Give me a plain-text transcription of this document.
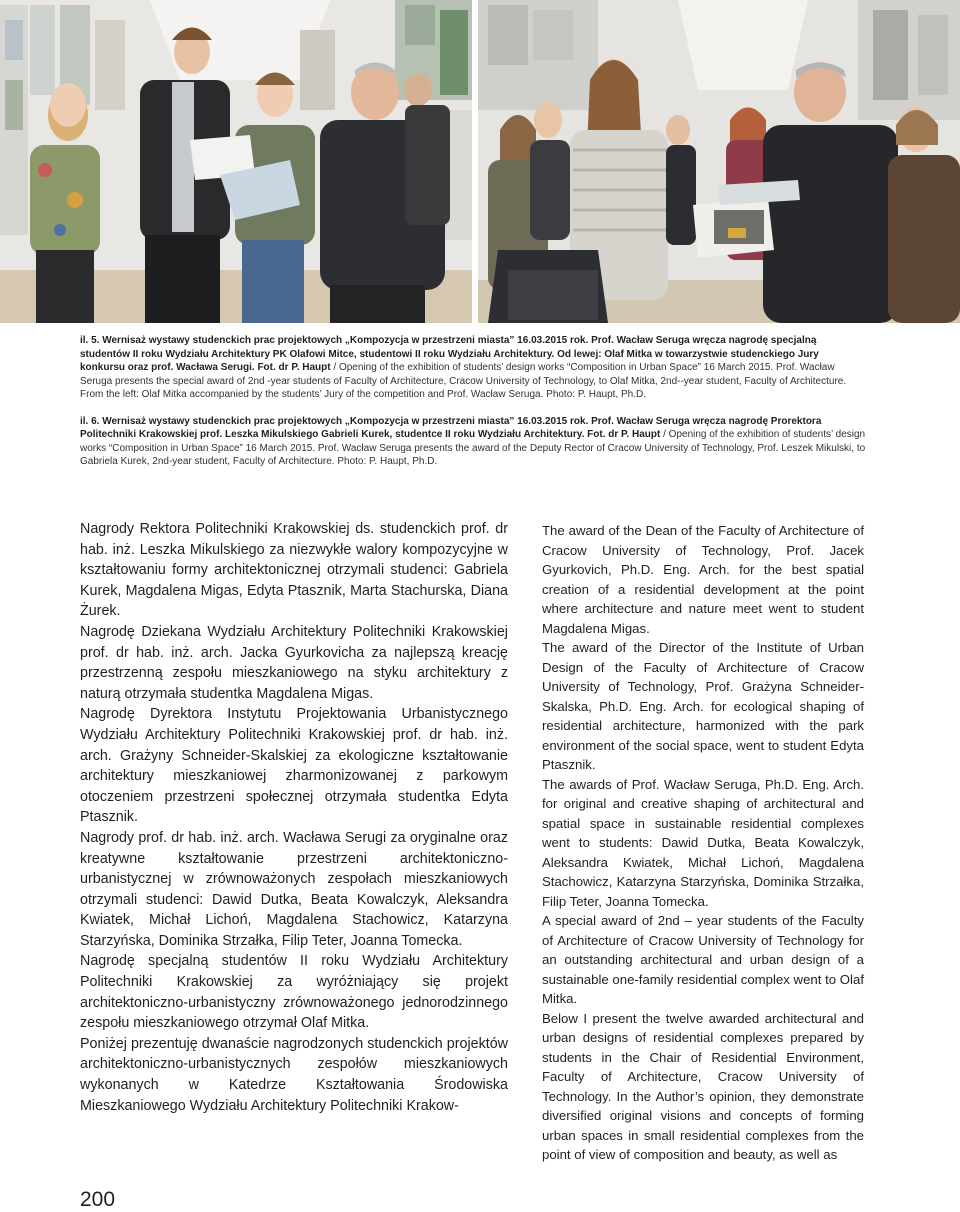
il. 5. Wernisaż wystawy studenckich prac projektowych „Kompozycja w przestrzeni miasta” 16.03.2015 rok. Prof. Wacław Seruga wręcza nagrodę specjalną studentów II roku Wydziału Architektury PK Olafowi Mitce, studentowi II roku Wydziału Architektury. Od lewej: Olaf Mitka w towarzystwie studenckiego Jury konkursu oraz prof. Wacława Serugi. Fot. dr P. Haupt / Opening of the exhibition of students’ design works “Composition in Urban Space” 16 March 2015. Prof. Wacław Seruga presents the special award of 2nd -year students of Faculty of Architecture, Cracow University of Technology, to Olaf Mitka, 2nd--year student, Faculty of Architecture. From the left: Olaf Mitka accompanied by the students’ Jury of the competition and Prof. Wacław Seruga. Photo: P. Haupt, Ph.D.

il. 6. Wernisaż wystawy studenckich prac projektowych „Kompozycja w przestrzeni miasta” 16.03.2015 rok. Prof. Wacław Seruga wręcza nagrodę Prorektora Politechniki Krakowskiej prof. Leszka Mikulskiego Gabrieli Kurek, studentce II roku Wydziału Architektury. Fot. dr P. Haupt / Opening of the exhibition of students’ design works “Composition in Urban Space” 16 March 2015. Prof. Wacław Seruga presents the award of the Deputy Rector of Cracow University of Technology, Prof. Leszek Mikulski, to Gabriela Kurek, 2nd-year student, Faculty of Architecture. Photo: P. Haupt, Ph.D.

Nagrody Rektora Politechniki Krakowskiej ds. studenckich prof. dr hab. inż. Leszka Mikulskiego za niezwykłe walory kompozycyjne w kształtowaniu formy architektonicznej otrzymali studenci: Gabriela Kurek, Magdalena Migas, Edyta Ptasznik, Marta Stachurska, Diana Żurek.

Nagrodę Dziekana Wydziału Architektury Politechniki Krakowskiej prof. dr hab. inż. arch. Jacka Gyurkovicha za najlepszą kreację przestrzenną zespołu mieszkaniowego na styku architektury z naturą otrzymała studentka Magdalena Migas.

Nagrodę Dyrektora Instytutu Projektowania Urbanistycznego Wydziału Architektury Politechniki Krakowskiej prof. dr hab. inż. arch. Grażyny Schneider-Skalskiej za ekologiczne kształtowanie architektury mieszkaniowej zharmonizowanej z parkowym otoczeniem przestrzeni społecznej otrzymała studentka Edyta Ptasznik.

Nagrody prof. dr hab. inż. arch. Wacława Serugi za oryginalne oraz kreatywne kształtowanie przestrzeni architektoniczno-urbanistycznej w zrównoważonych zespołach mieszkaniowych otrzymali studenci: Dawid Dutka, Beata Kowalczyk, Aleksandra Kwiatek, Michał Lichoń, Magdalena Stachowicz, Katarzyna Starzyńska, Dominika Strzałka, Filip Teter, Joanna Tomecka.

Nagrodę specjalną studentów II roku Wydziału Architektury Politechniki Krakowskiej za wyróżniający się projekt architektoniczno-urbanistyczny zrównoważonego jednorodzinnego zespołu mieszkaniowego otrzymał Olaf Mitka.

Poniżej prezentuję dwanaście nagrodzonych studenckich projektów architektoniczno-urbanistycznych zespołów mieszkaniowych wykonanych w Katedrze Kształtowania Środowiska Mieszkaniowego Wydziału Architektury Politechniki Krakow-

The award of the Dean of the Faculty of Architecture of Cracow University of Technology, Prof. Jacek Gyurkovich, Ph.D. Eng. Arch. for the best spatial creation of a residential development at the point where architecture and nature meet went to student Magdalena Migas.

The award of the Director of the Institute of Urban Design of the Faculty of Architecture of Cracow University of Technology, Prof. Grażyna Schneider-Skalska, Ph.D. Eng. Arch. for ecological shaping of residential architecture, harmonized with the park environment of the social space, went to student Edyta Ptasznik.

The awards of Prof. Wacław Seruga, Ph.D. Eng. Arch. for original and creative shaping of architectural and spatial space in sustainable residential complexes went to students: Dawid Dutka, Beata Kowalczyk, Aleksandra Kwiatek, Michał Lichoń, Magdalena Stachowicz, Katarzyna Starzyńska, Dominika Strzałka, Filip Teter, Joanna Tomecka.

A special award of 2nd – year students of the Faculty of Architecture of Cracow University of Technology for an outstanding architectural and urban design of a sustainable one-family residential complex went to Olaf Mitka.

Below I present the twelve awarded architectural and urban designs of residential complexes prepared by students in the Chair of Residential Environment, Faculty of Architecture, Cracow University of Technology. In the Author’s opinion, they demonstrate diversified original visions and concepts of forming urban spaces in small residential complexes from the point of view of composition and beauty, as well as

200
